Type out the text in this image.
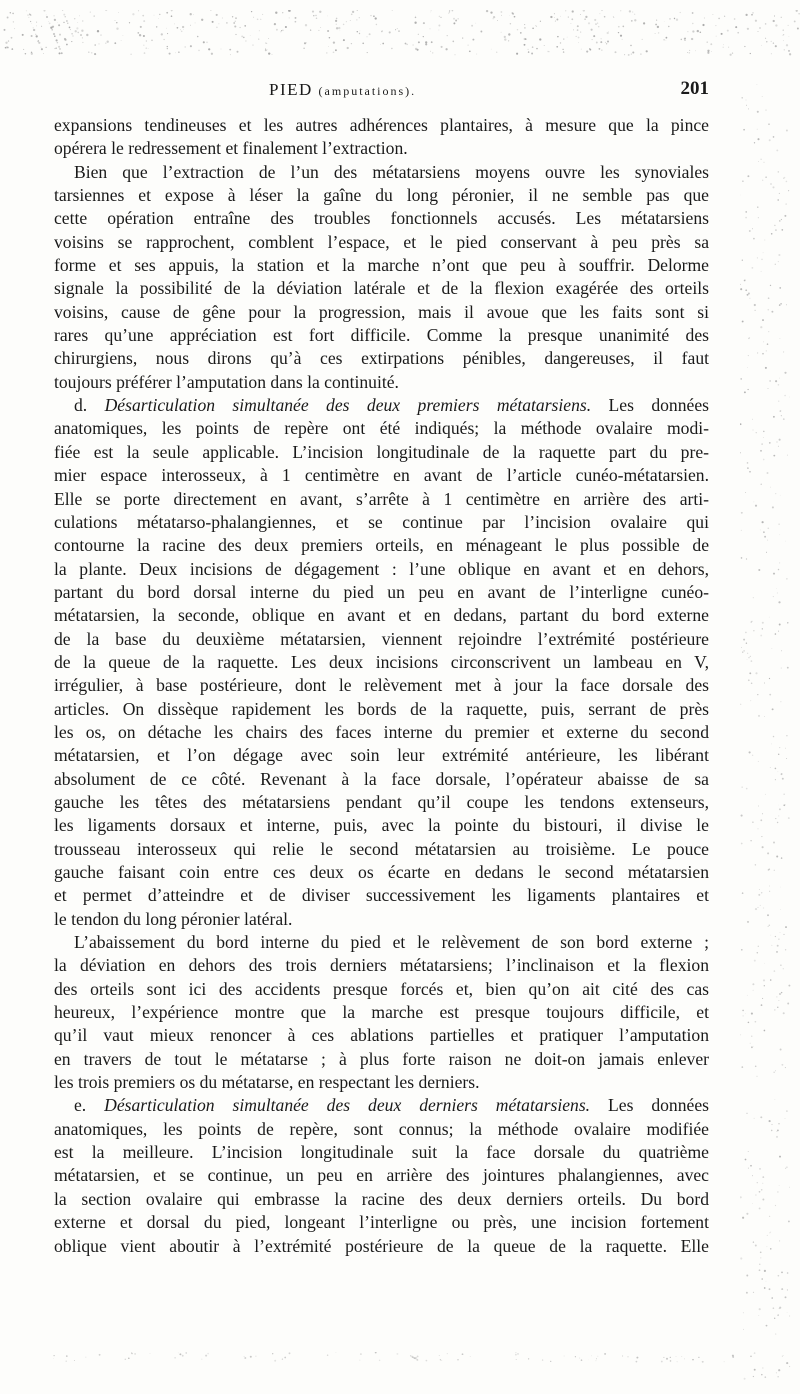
PIED (amputations).	201
expansions tendineuses et les autres adhérences plantaires, à mesure que la pince
opérera le redressement et finalement l’extraction.
Bien que l’extraction de l’un des métatarsiens moyens ouvre les synoviales
tarsiennes et expose à léser la gaîne du long péronier, il ne semble pas que
cette opération entraîne des troubles fonctionnels accusés. Les métatarsiens
voisins se rapprochent, comblent l’espace, et le pied conservant à peu près sa
forme et ses appuis, la station et la marche n’ont que peu à souffrir. Delorme
signale la possibilité de la déviation latérale et de la flexion exagérée des orteils
voisins, cause de gêne pour la progression, mais il avoue que les faits sont si
rares qu’une appréciation est fort difficile. Comme la presque unanimité des
chirurgiens, nous dirons qu’à ces extirpations pénibles, dangereuses, il faut
toujours préférer l’amputation dans la continuité.
d. Désarticulation simultanée des deux premiers métatarsiens. Les données
anatomiques, les points de repère ont été indiqués; la méthode ovalaire modi-
fiée est la seule applicable. L’incision longitudinale de la raquette part du pre-
mier espace interosseux, à 1 centimètre en avant de l’article cunéo-métatarsien.
Elle se porte directement en avant, s’arrête à 1 centimètre en arrière des arti-
culations métatarso-phalangiennes, et se continue par l’incision ovalaire qui
contourne la racine des deux premiers orteils, en ménageant le plus possible de
la plante. Deux incisions de dégagement : l’une oblique en avant et en dehors,
partant du bord dorsal interne du pied un peu en avant de l’interligne cunéo-
métatarsien, la seconde, oblique en avant et en dedans, partant du bord externe
de la base du deuxième métatarsien, viennent rejoindre l’extrémité postérieure
de la queue de la raquette. Les deux incisions circonscrivent un lambeau en V,
irrégulier, à base postérieure, dont le relèvement met à jour la face dorsale des
articles. On dissèque rapidement les bords de la raquette, puis, serrant de près
les os, on détache les chairs des faces interne du premier et externe du second
métatarsien, et l’on dégage avec soin leur extrémité antérieure, les libérant
absolument de ce côté. Revenant à la face dorsale, l’opérateur abaisse de sa
gauche les têtes des métatarsiens pendant qu’il coupe les tendons extenseurs,
les ligaments dorsaux et interne, puis, avec la pointe du bistouri, il divise le
trousseau interosseux qui relie le second métatarsien au troisième. Le pouce
gauche faisant coin entre ces deux os écarte en dedans le second métatarsien
et permet d’atteindre et de diviser successivement les ligaments plantaires et
le tendon du long péronier latéral.
L’abaissement du bord interne du pied et le relèvement de son bord externe ;
la déviation en dehors des trois derniers métatarsiens; l’inclinaison et la flexion
des orteils sont ici des accidents presque forcés et, bien qu’on ait cité des cas
heureux, l’expérience montre que la marche est presque toujours difficile, et
qu’il vaut mieux renoncer à ces ablations partielles et pratiquer l’amputation
en travers de tout le métatarse ; à plus forte raison ne doit-on jamais enlever
les trois premiers os du métatarse, en respectant les derniers.
e. Désarticulation simultanée des deux derniers métatarsiens. Les données
anatomiques, les points de repère, sont connus; la méthode ovalaire modifiée
est la meilleure. L’incision longitudinale suit la face dorsale du quatrième
métatarsien, et se continue, un peu en arrière des jointures phalangiennes, avec
la section ovalaire qui embrasse la racine des deux derniers orteils. Du bord
externe et dorsal du pied, longeant l’interligne ou près, une incision fortement
oblique vient aboutir à l’extrémité postérieure de la queue de la raquette. Elle
